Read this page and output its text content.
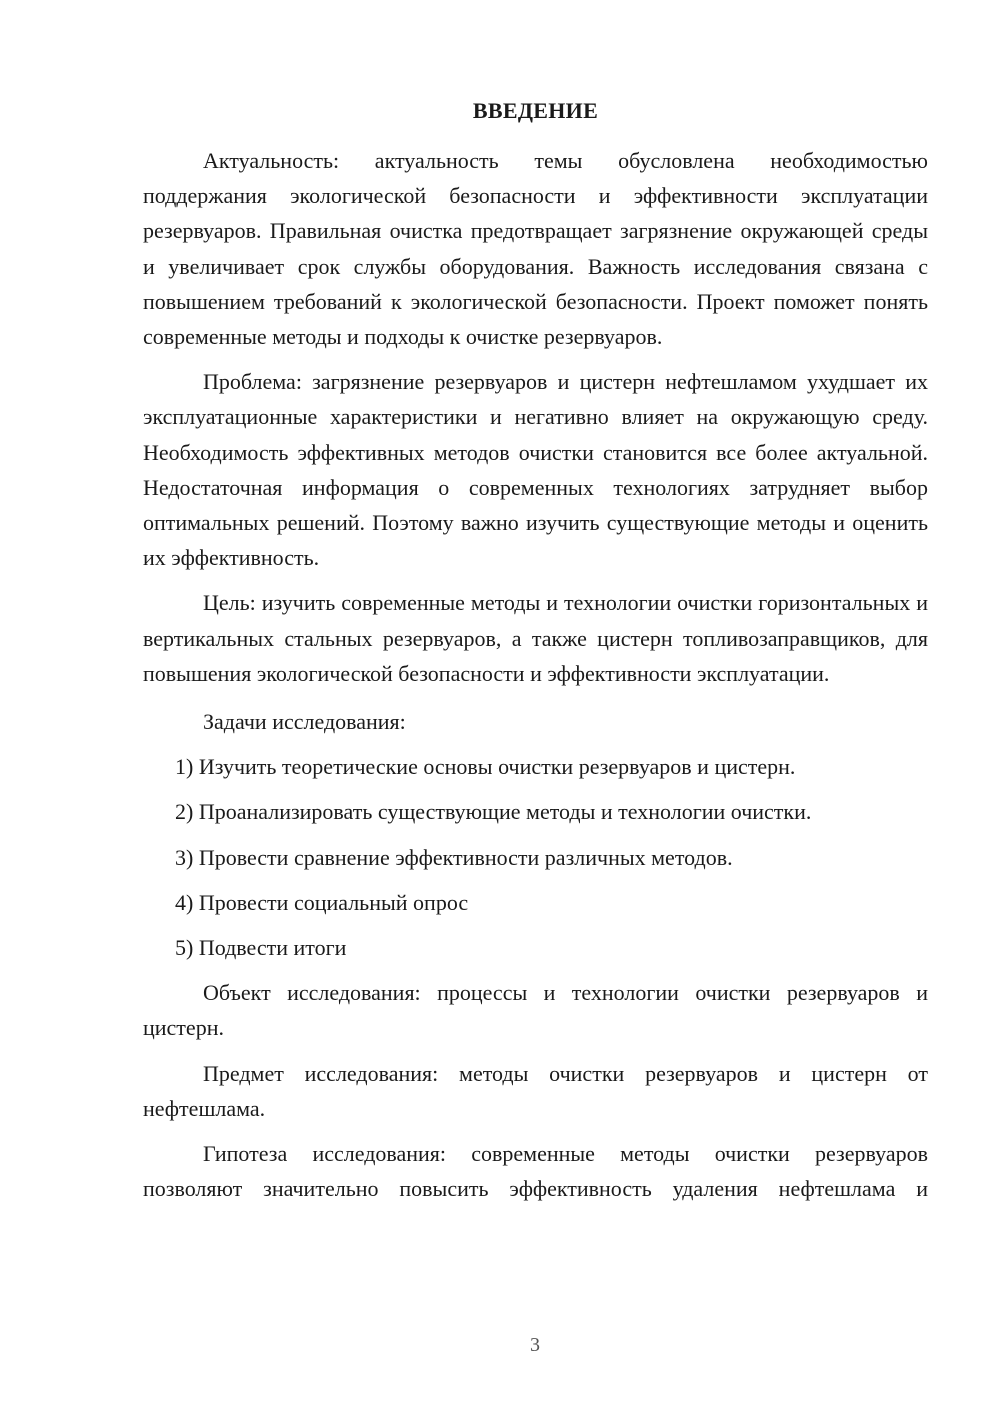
ВВЕДЕНИЕ

Актуальность: актуальность темы обусловлена необходимостью поддержания экологической безопасности и эффективности эксплуатации резервуаров. Правильная очистка предотвращает загрязнение окружающей среды и увеличивает срок службы оборудования. Важность исследования связана с повышением требований к экологической безопасности. Проект поможет понять современные методы и подходы к очистке резервуаров.

Проблема: загрязнение резервуаров и цистерн нефтешламом ухудшает их эксплуатационные характеристики и негативно влияет на окружающую среду. Необходимость эффективных методов очистки становится все более актуальной. Недостаточная информация о современных технологиях затрудняет выбор оптимальных решений. Поэтому важно изучить существующие методы и оценить их эффективность.

Цель: изучить современные методы и технологии очистки горизонтальных и вертикальных стальных резервуаров, а также цистерн топливозаправщиков, для повышения экологической безопасности и эффективности эксплуатации.

Задачи исследования:

1) Изучить теоретические основы очистки резервуаров и цистерн.

2) Проанализировать существующие методы и технологии очистки.

3) Провести сравнение эффективности различных методов.

4) Провести социальный опрос

5) Подвести итоги

Объект исследования: процессы и технологии очистки резервуаров и цистерн.

Предмет исследования: методы очистки резервуаров и цистерн от нефтешлама.

Гипотеза исследования: современные методы очистки резервуаров позволяют значительно повысить эффективность удаления нефтешлама и

3
